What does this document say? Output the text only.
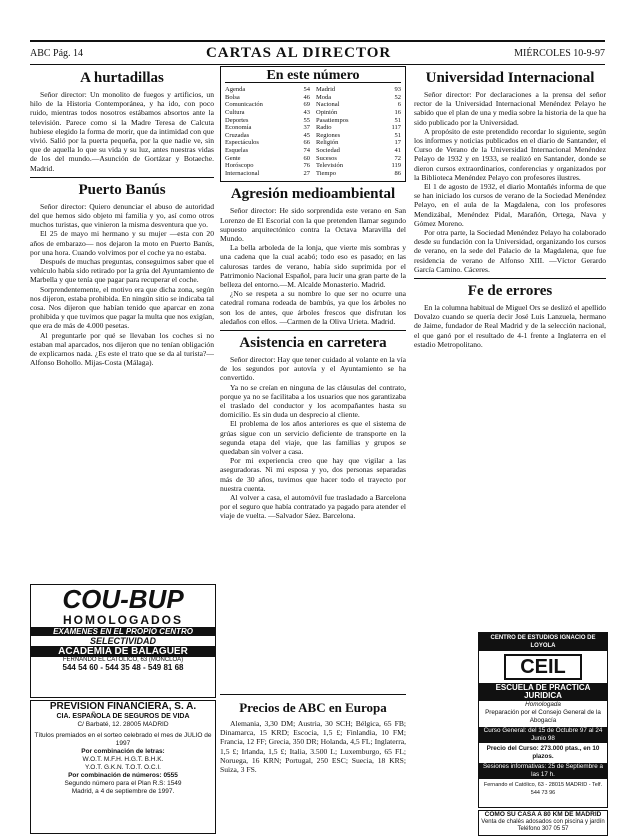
ABC Pág. 14	CARTAS AL DIRECTOR	MIÉRCOLES 10-9-97
A hurtadillas

Señor director: Un monolito de fuegos y artificios, un hilo de la Historia Contemporánea, y ha ido, con poco ruido, mientras todos nosotros estábamos absortos ante la televisión. Parece como si la Madre Teresa de Calcuta hubiese elegido la forma de morir, que da intimidad con que vivió. Salió por la puerta pequeña, por la que nadie ve, sin que de aquella lo que su vida y su luz, antes nuestras vidas de los del mundo.—Asunción de Gortázar y Botaeche. Madrid.

Puerto Banús

Señor director: Quiero denunciar el abuso de autoridad del que hemos sido objeto mi familia y yo, así como otros muchos turistas, que vinieron la misma desventura que yo.

El 25 de mayo mi hermano y su mujer —esta con 20 años de embarazo— nos dejaron la moto en Puerto Banús, por una hora. Cuando volvimos por el coche ya no estaba.

Después de muchas preguntas, conseguimos saber que el vehículo había sido retirado por la grúa del Ayuntamiento de Marbella y que tenía que pagar para recuperar el coche.

Sorprendentemente, el motivo era que dicha zona, según nos dijeron, estaba prohibida. En ningún sitio se indicaba tal cosa. Nos dijeron que habían tenido que aparcar en zona prohibida y que tuvimos que pagar la multa que nos exigían, que era de más de 4.000 pesetas.

Al preguntarle por qué se llevaban los coches si no estaban mal aparcados, nos dijeron que no tenían obligación de explicarnos nada. ¿Es este el trato que se da al turista?—Alfonso Bohollo. Mijas-Costa (Málaga).

En este número
Agenda	54
Bolsa	46
Comunicación	69
Cultura	43
Deportes	55
Economía	37
Cruzadas	45
Espectáculos	66
Esquelas	74
Gente	60
Horóscopo	76
Internacional	27
Madrid	93
Moda	52
Nacional	6
Opinión	16
Pasatiempos	51
Radio	117
Regiones	51
Religión	17
Sociedad	41
Sucesos	72
Televisión	119
Tiempo	86
Agresión medioambiental

Señor director: He sido sorprendida este verano en San Lorenzo de El Escorial con la que pretenden llamar segundo supuesto arquitectónico contra la Octava Maravilla del Mundo.

La bella arboleda de la lonja, que vierte mis sombras y una cadena que la cual acabó; todo eso es pasado; en las calurosas tardes de verano, había sido suprimida por el Patrimonio Nacional Español, para lucir una gran parte de la belleza del entorno.—M. Alcalde Monasterio. Madrid.

¿No se respeta a su nombre lo que ser no ocurre una catedral romana rodeada de bambús, ya que los árboles no son los de antes, que árboles frescos que disfrutan los aledaños con ellos. —Carmen de la Oliva Urieta. Madrid.

Asistencia en carretera

Señor director: Hay que tener cuidado al volante en la vía de los segundos por autovía y el Ayuntamiento se ha convertido.

Ya no se creían en ninguna de las cláusulas del contrato, porque ya no se facilitaba a los usuarios que nos garantizaba el traslado del conductor y los acompañantes hasta su domicilio. Es sin duda un desprecio al cliente.

El problema de los años anteriores es que el sistema de grúas sigue con un servicio deficiente de transporte en la segunda etapa del viaje, que las familias y grupos se quedaban sin volver a casa.

Por mi experiencia creo que hay que vigilar a las aseguradoras. Ni mi esposa y yo, dos personas separadas más de 30 años, tuvimos que hacer todo el trayecto por nuestra cuenta.

Al volver a casa, el automóvil fue trasladado a Barcelona por el seguro que había contratado ya pagado para atender el viaje de vuelta. —Salvador Sáez. Barcelona.

Precios de ABC en Europa

Alemania, 3,30 DM; Austria, 30 SCH; Bélgica, 65 FB; Dinamarca, 15 KRD; Escocia, 1,5 £; Finlandia, 10 FM; Francia, 12 FF; Grecia, 350 DR; Holanda, 4,5 FL; Inglaterra, 1,5 £; Irlanda, 1,5 £; Italia, 3.500 L; Luxemburgo, 65 FL; Noruega, 16 KRN; Portugal, 250 ESC; Suecia, 18 KRS; Suiza, 3 FS.

Universidad Internacional

Señor director: Por declaraciones a la prensa del señor rector de la Universidad Internacional Menéndez Pelayo he sabido que el plan de una y media sobre la historia de la que ha sido publicado por la Universidad.

A propósito de este pretendido recordar lo siguiente, según los informes y noticias publicados en el diario de Santander, el Curso de Verano de la Universidad Internacional Menéndez Pelayo de 1932 y en 1933, se realizó en Santander, donde se dieron cursos extraordinarios, conferencias y organizados por la Biblioteca Menéndez Pelayo con profesores ilustres.

El 1 de agosto de 1932, el diario Montañés informa de que se han iniciado los cursos de verano de la Sociedad Menéndez Pelayo, en el aula de la Magdalena, con los profesores Mendizábal, Menéndez Pidal, Marañón, Ortega, Nava y Gómez Moreno.

Por otra parte, la Sociedad Menéndez Pelayo ha colaborado desde su fundación con la Universidad, organizando los cursos de verano, en la sede del Palacio de la Magdalena, que fue residencia de verano de Alfonso XIII. —Víctor Gerardo García Camino. Cáceres.

Fe de errores

En la columna habitual de Miguel Ors se deslizó el apellido Dovalzo cuando se quería decir José Luis Lanzuela, hermano de Jaime, fundador de Real Madrid y de la selección nacional, el que ganó por el resultado de 4-1 frente a Inglaterra en el estadio Metropolitano.

COU-BUP
HOMOLOGADOS
EXAMENES EN EL PROPIO CENTRO
SELECTIVIDAD
ACADEMIA DE BALAGUER
FERNANDO EL CATÓLICO, 63 (MONCLOA)
544 54 60 - 544 35 48 - 549 81 68
PREVISION FINANCIERA, S. A.
CIA. ESPAÑOLA DE SEGUROS DE VIDA
C/ Barbaté, 12. 28005 MADRID
Títulos premiados en el sorteo celebrado el mes de JULIO de 1997
Por combinación de letras:
W.O.T. M.F.H. H.G.T. B.H.K.
Y.O.T. G.K.N. T.O.T. O.C.I.
Por combinación de números: 0555
Segundo número para el Plan R.S: 1549
Madrid, a 4 de septiembre de 1997.
CENTRO DE ESTUDIOS IGNACIO DE LOYOLA
CEIL
ESCUELA DE PRACTICA JURIDICA
Homologada
Preparación por el Consejo General de la Abogacía
Curso General: del 15 de Octubre 97 al 24 Junio 98
Precio del Curso: 273.000 ptas., en 10 plazos.
Sesiones informativas: 25 de Septiembre a las 17 h.
Fernando el Católico, 63 - 28015 MADRID - Telf. 544 73 96
COMO SU CASA A 80 KM DE MADRID
Venta de chalés adosados con piscina y jardín
Teléfono 307 05 57
